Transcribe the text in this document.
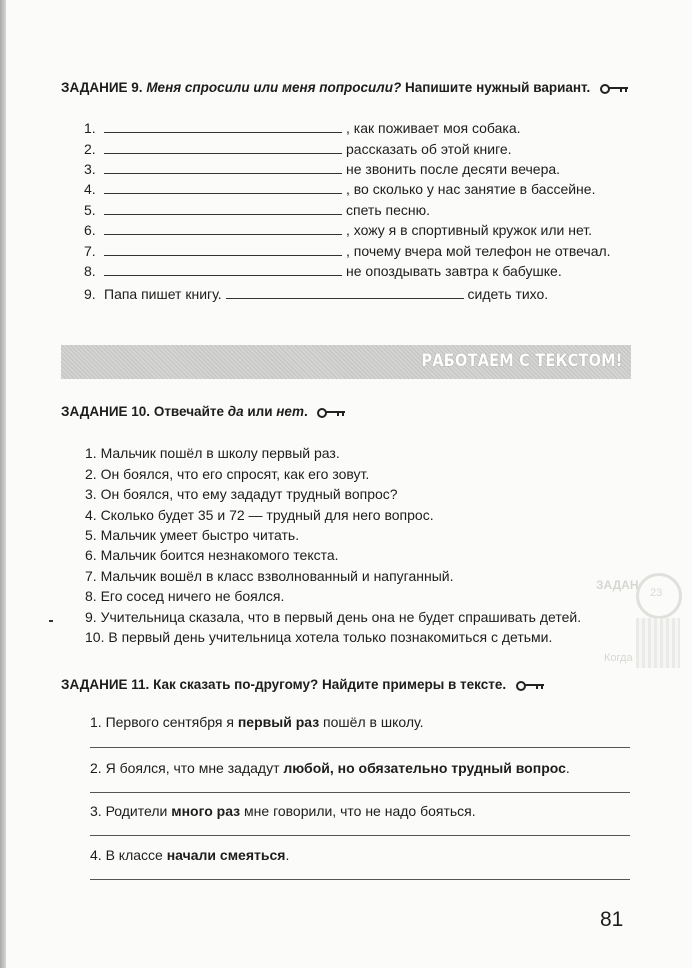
ЗАДАН
Когда
23
ЗАДАНИЕ 9. Меня спросили или меня попросили? Напишите нужный вариант.
1.	, как поживает моя собака.
2.	рассказать об этой книге.
3.	не звонить после десяти вечера.
4.	, во сколько у нас занятие в бассейне.
5.	спеть песню.
6.	, хожу я в спортивный кружок или нет.
7.	, почему вчера мой телефон не отвечал.
8.	не опоздывать завтра к бабушке.
9. Папа пишет книгу.	сидеть тихо.
РАБОТАЕМ С ТЕКСТОМ!
ЗАДАНИЕ 10. Отвечайте да или нет.
1. Мальчик пошёл в школу первый раз.
2. Он боялся, что его спросят, как его зовут.
3. Он боялся, что ему зададут трудный вопрос?
4. Сколько будет 35 и 72 — трудный для него вопрос.
5. Мальчик умеет быстро читать.
6. Мальчик боится незнакомого текста.
7. Мальчик вошёл в класс взволнованный и напуганный.
8. Его сосед ничего не боялся.
9. Учительница сказала, что в первый день она не будет спрашивать детей.
10. В первый день учительница хотела только познакомиться с детьми.
ЗАДАНИЕ 11. Как сказать по-другому? Найдите примеры в тексте.
1. Первого сентября я первый раз пошёл в школу.
2. Я боялся, что мне зададут любой, но обязательно трудный вопрос.
3. Родители много раз мне говорили, что не надо бояться.
4. В классе начали смеяться.
81
